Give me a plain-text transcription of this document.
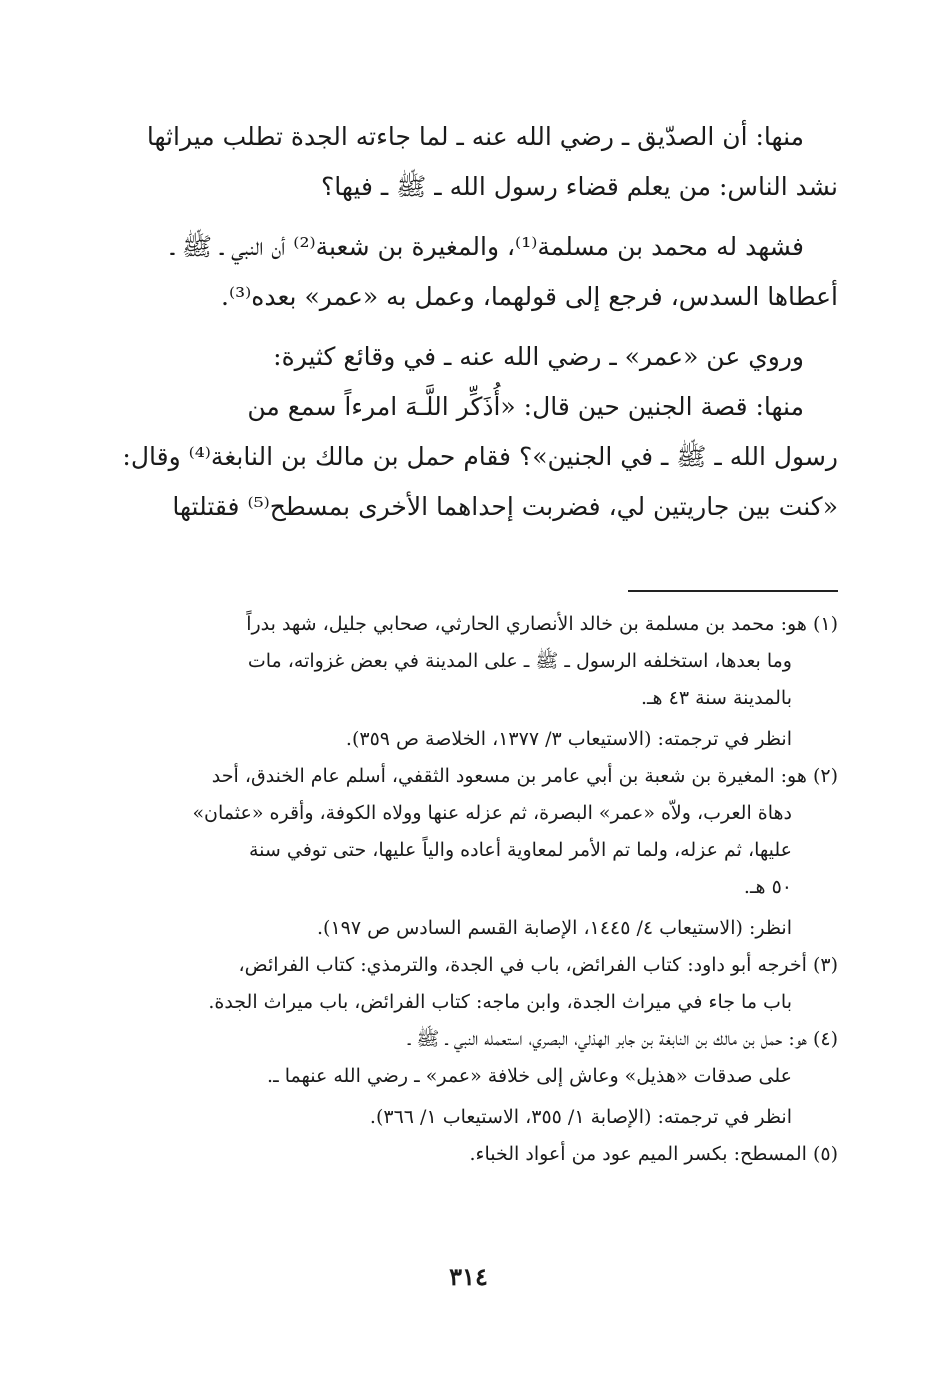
منها: أن الصدّيق ـ رضي الله عنه ـ لما جاءته الجدة تطلب ميراثها
نشد الناس: من يعلم قضاء رسول الله ـ ﷺ ـ فيها؟

فشهد له محمد بن مسلمة⁽¹⁾، والمغيرة بن شعبة⁽²⁾ أن النبي ـ ﷺ ـ
أعطاها السدس، فرجع إلى قولهما، وعمل به «عمر» بعده⁽³⁾.

وروي عن «عمر» ـ رضي الله عنه ـ في وقائع كثيرة:

منها: قصة الجنين حين قال: «أُذَكِّر اللَّـهَ امرءاً سمع من
رسول الله ـ ﷺ ـ في الجنين»؟ فقام حمل بن مالك بن النابغة⁽⁴⁾ وقال:
«كنت بين جاريتين لي، فضربت إحداهما الأخرى بمسطح⁽⁵⁾ فقتلتها

(١) هو: محمد بن مسلمة بن خالد الأنصاري الحارثي، صحابي جليل، شهد بدراً
وما بعدها، استخلفه الرسول ـ ﷺ ـ على المدينة في بعض غزواته، مات
بالمدينة سنة ٤٣ هـ.
انظر في ترجمته: (الاستيعاب ٣/ ١٣٧٧، الخلاصة ص ٣٥٩).
(٢) هو: المغيرة بن شعبة بن أبي عامر بن مسعود الثقفي، أسلم عام الخندق، أحد
دهاة العرب، ولاّه «عمر» البصرة، ثم عزله عنها وولاه الكوفة، وأقره «عثمان»
عليها، ثم عزله، ولما تم الأمر لمعاوية أعاده والياً عليها، حتى توفي سنة
٥٠ هـ.
انظر: (الاستيعاب ٤/ ١٤٤٥، الإصابة القسم السادس ص ١٩٧).
(٣) أخرجه أبو داود: كتاب الفرائض، باب في الجدة، والترمذي: كتاب الفرائض،
باب ما جاء في ميراث الجدة، وابن ماجه: كتاب الفرائض، باب ميراث الجدة.
(٤) هو: حمل بن مالك بن النابغة بن جابر الهذلي، البصري، استعمله النبي ـ ﷺ ـ
على صدقات «هذيل» وعاش إلى خلافة «عمر» ـ رضي الله عنهما ـ.
انظر في ترجمته: (الإصابة ١/ ٣٥٥، الاستيعاب ١/ ٣٦٦).
(٥) المسطح: بكسر الميم عود من أعواد الخباء.
٣١٤
